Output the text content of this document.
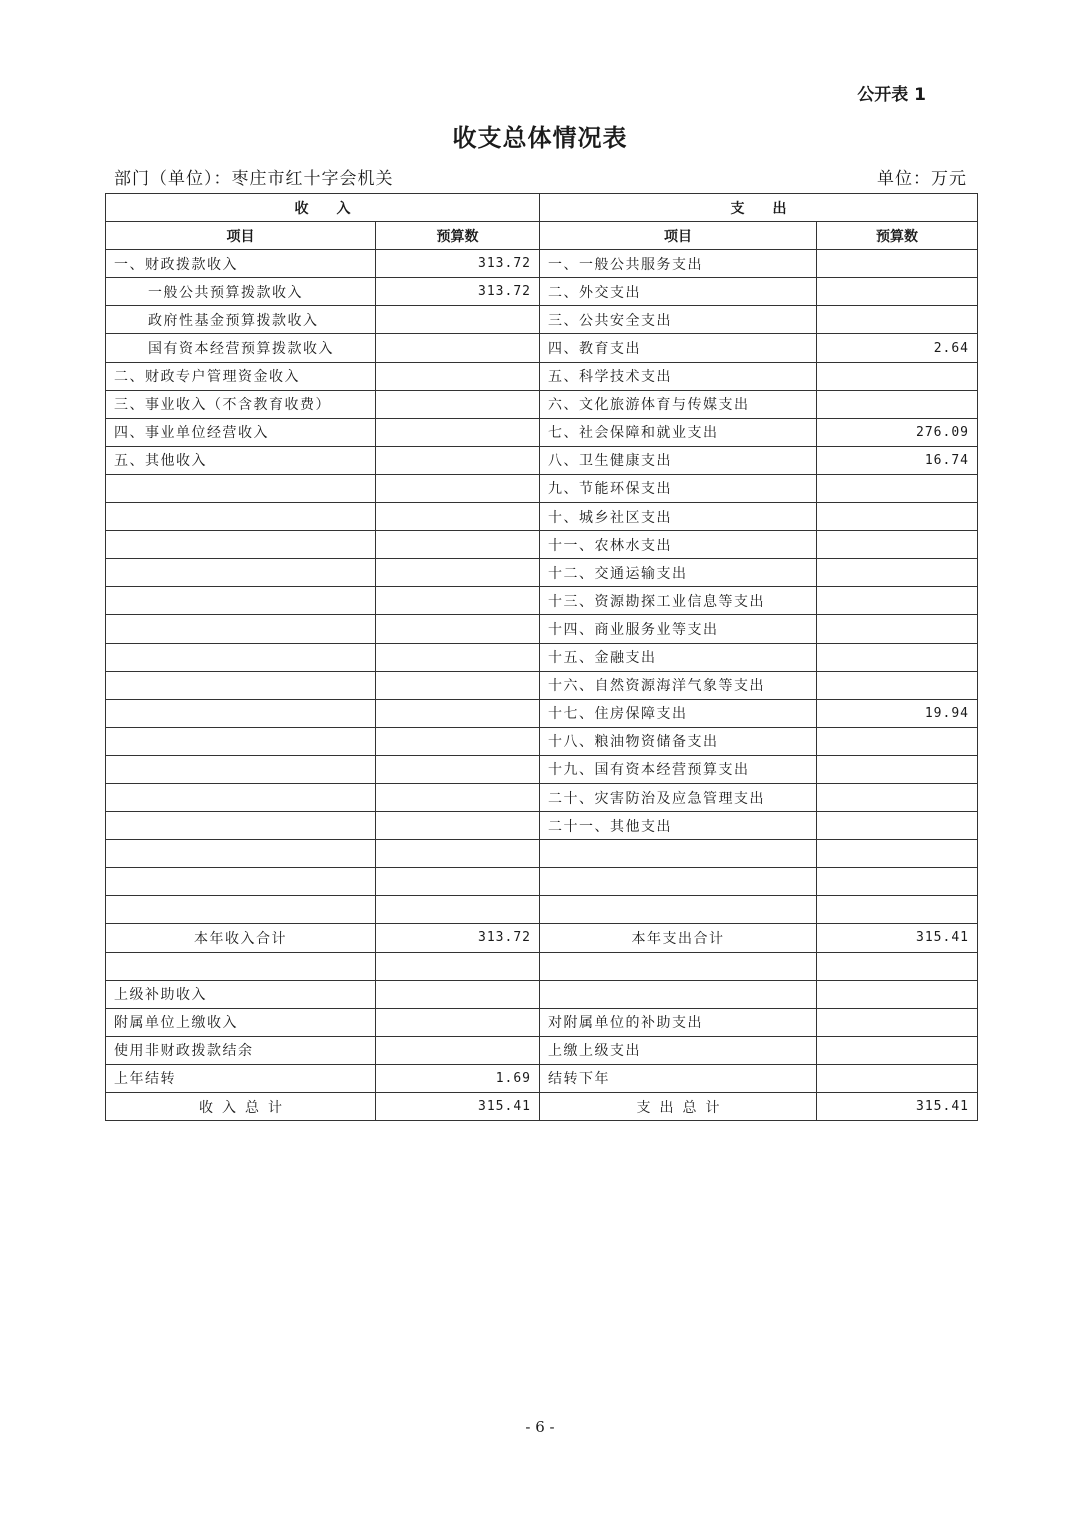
公开表 1
收支总体情况表
部门（单位）：枣庄市红十字会机关	单位：万元
收入		支出	
项目	预算数	项目	预算数
一、财政拨款收入	313.72	一、一般公共服务支出	
一般公共预算拨款收入	313.72	二、外交支出	
政府性基金预算拨款收入		三、公共安全支出	
国有资本经营预算拨款收入		四、教育支出	2.64
二、财政专户管理资金收入		五、科学技术支出	
三、事业收入（不含教育收费）		六、文化旅游体育与传媒支出	
四、事业单位经营收入		七、社会保障和就业支出	276.09
五、其他收入		八、卫生健康支出	16.74
		九、节能环保支出	
		十、城乡社区支出	
		十一、农林水支出	
		十二、交通运输支出	
		十三、资源勘探工业信息等支出	
		十四、商业服务业等支出	
		十五、金融支出	
		十六、自然资源海洋气象等支出	
		十七、住房保障支出	19.94
		十八、粮油物资储备支出	
		十九、国有资本经营预算支出	
		二十、灾害防治及应急管理支出	
		二十一、其他支出	

本年收入合计	313.72	本年支出合计	315.41

上级补助收入			
附属单位上缴收入		对附属单位的补助支出	
使用非财政拨款结余		上缴上级支出	
上年结转	1.69	结转下年	
收入总计	315.41	支出总计	315.41
- 6 -
